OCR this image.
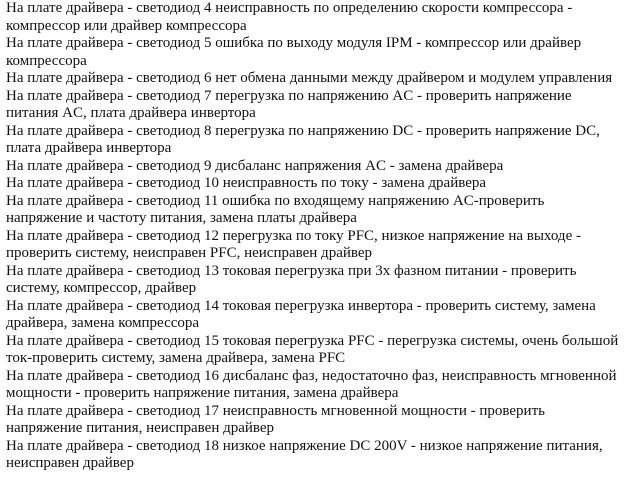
На плате драйвера - светодиод 4 неисправность по определению скорости компрессора - компрессор или драйвер компрессора

На плате драйвера - светодиод 5 ошибка по выходу модуля IPM - компрессор или драйвер компрессора

На плате драйвера - светодиод 6 нет обмена данными между драйвером и модулем управления

На плате драйвера - светодиод 7 перегрузка по напряжению AC - проверить напряжение питания AC, плата драйвера инвертора

На плате драйвера - светодиод 8 перегрузка по напряжению DC - проверить напряжение DC, плата драйвера инвертора

На плате драйвера - светодиод 9 дисбаланс напряжения AC - замена драйвера

На плате драйвера - светодиод 10 неисправность по току - замена драйвера

На плате драйвера - светодиод 11 ошибка по входящему напряжению AC-проверить напряжение и частоту питания, замена платы драйвера

На плате драйвера - светодиод 12 перегрузка по току PFC, низкое напряжение на выходе - проверить систему, неисправен PFC, неисправен драйвер

На плате драйвера - светодиод 13 токовая перегрузка при 3х фазном питании - проверить систему, компрессор, драйвер

На плате драйвера - светодиод 14 токовая перегрузка инвертора - проверить систему, замена драйвера, замена компрессора

На плате драйвера - светодиод 15 токовая перегрузка PFC - перегрузка системы, очень большой ток-проверить систему, замена драйвера, замена PFC

На плате драйвера - светодиод 16 дисбаланс фаз, недостаточно фаз, неисправность мгновенной мощности - проверить напряжение питания, замена драйвера

На плате драйвера - светодиод 17 неисправность мгновенной мощности - проверить напряжение питания, неисправен драйвер

На плате драйвера - светодиод 18 низкое напряжение DC 200V - низкое напряжение питания, неисправен драйвер
